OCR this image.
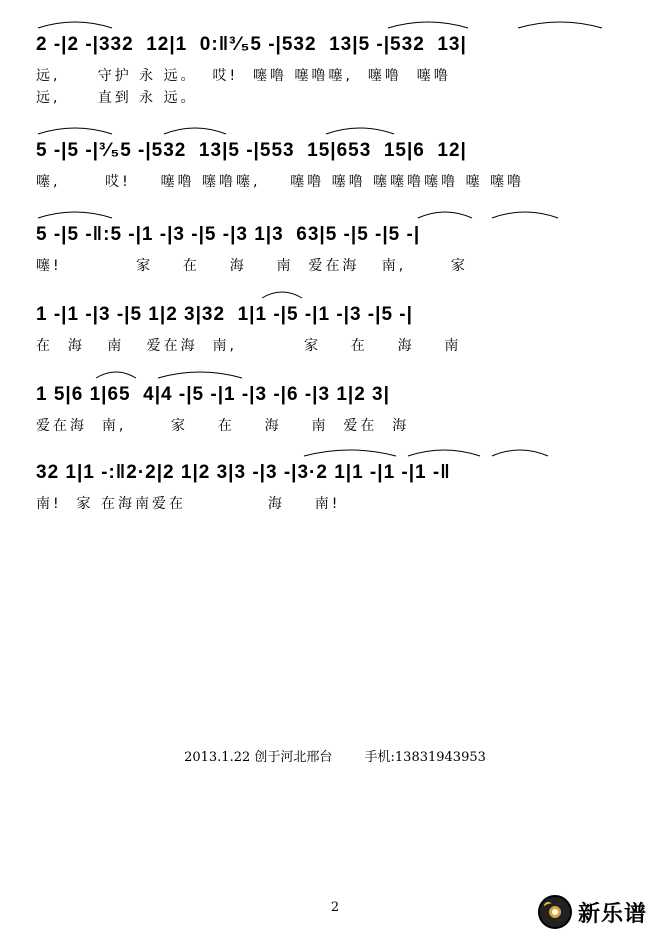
2 -|2 -|332  12|1  0:‖³⁄₅5 -|532  13|5 -|532  13|
远,     守护 永 远。  哎!  噻噜 噻噜噻,  噻噜  噻噜
远,     直到 永 远。
5 -|5 -|³⁄₅5 -|532  13|5 -|553  15|653  15|6  12|
噻,      哎!    噻噜 噻噜噻,    噻噜 噻噜 噻噻噜噻噜 噻 噻噜
5 -|5 -‖:5 -|1 -|3 -|5 -|3 1|3  63|5 -|5 -|5 -|
噻!          家    在    海    南  爱在海   南,      家
1 -|1 -|3 -|5 1|2 3|32  1|1 -|5 -|1 -|3 -|5 -|
在  海   南   爱在海  南,         家    在    海    南
1 5|6 1|65  4|4 -|5 -|1 -|3 -|6 -|3 1|2 3|
爱在海  南,      家    在    海    南  爱在  海
32 1|1 -:‖2·2|2 1|2 3|3 -|3 -|3·2 1|1 -|1 -|1 -‖
南!  家 在海南爱在           海    南!
2013.1.22 创于河北邢台 手机:13831943953
2	新乐谱
